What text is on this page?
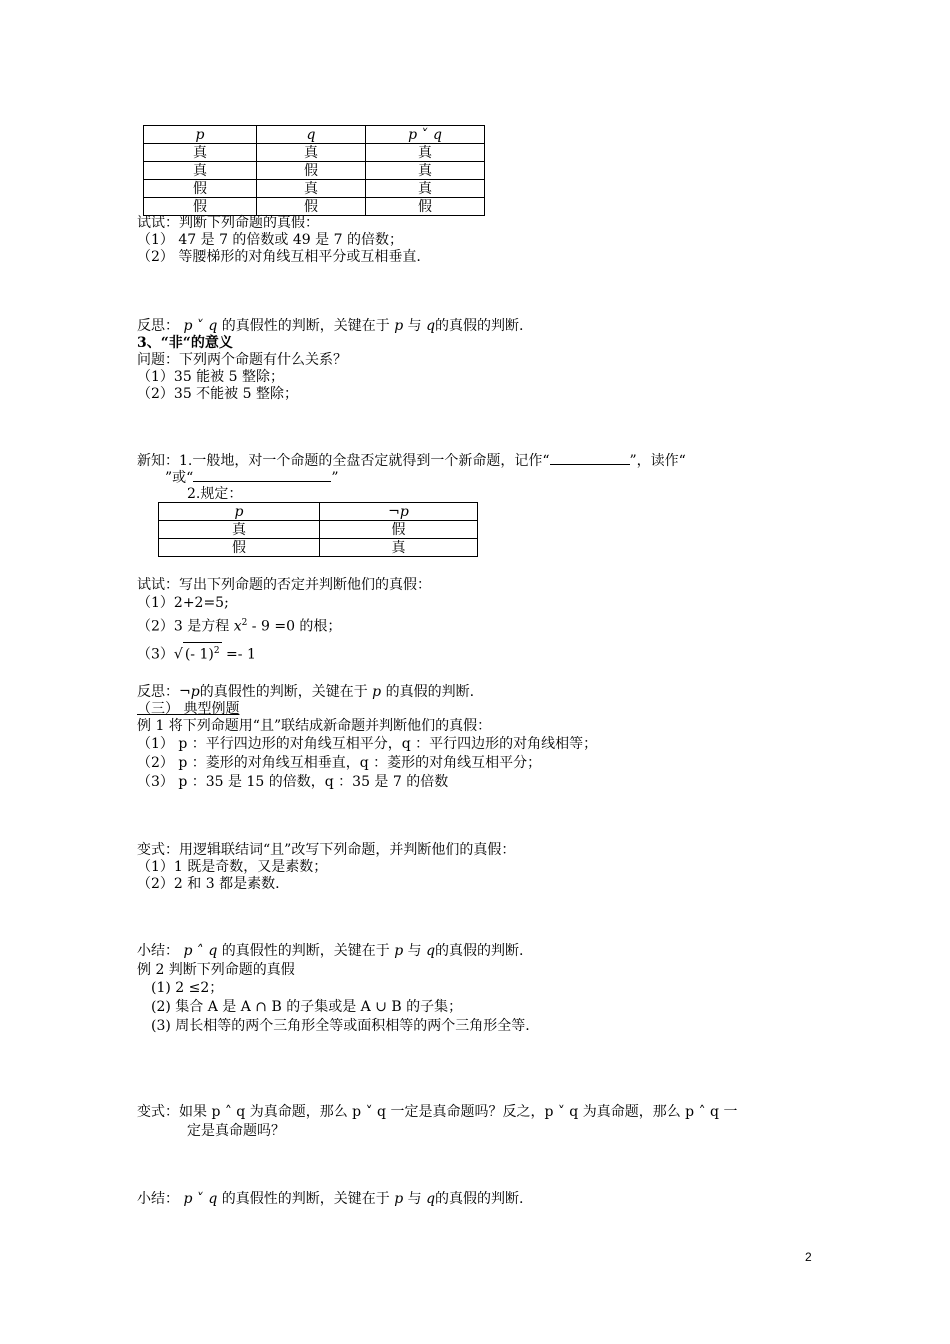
p	q	p ˅ q
真	真	真
真	假	真
假	真	真
假	假	假
试试：判断下列命题的真假：
（1） 47 是 7 的倍数或 49 是 7 的倍数；
（2） 等腰梯形的对角线互相平分或互相垂直.
反思： p ˅ q 的真假性的判断，关键在于 p 与 q的真假的判断.
3、“非“的意义
问题：下列两个命题有什么关系？
（1）35 能被 5 整除；
（2）35 不能被 5 整除；
新知：1.一般地，对一个命题的全盘否定就得到一个新命题，记作“	”，读作“
”或“	”
2.规定：
p	¬p
真	假
假	真
试试：写出下列命题的否定并判断他们的真假：
（1）2+2=5;
（2）3 是方程 $x^2 - 9 =0$ 的根；
（3）√ (- 1)$^2$ =- 1
反思：¬p的真假性的判断，关键在于 p 的真假的判断.
（三） 典型例题
例 1 将下列命题用“且”联结成新命题并判断他们的真假：
（1） p ：平行四边形的对角线互相平分，q ：平行四边形的对角线相等；
（2） p ：菱形的对角线互相垂直，q ：菱形的对角线互相平分；
（3） p ：35 是 15 的倍数，q ：35 是 7 的倍数
变式：用逻辑联结词“且”改写下列命题，并判断他们的真假：
（1）1 既是奇数，又是素数；
（2）2 和 3 都是素数.
小结： p ˄ q 的真假性的判断，关键在于 p 与 q的真假的判断.
例 2 判断下列命题的真假
(1) 2 ≤2；
(2) 集合 A 是 A ∩ B 的子集或是 A ∪ B 的子集；
(3) 周长相等的两个三角形全等或面积相等的两个三角形全等.
变式：如果 p ˄ q 为真命题，那么 p ˅ q 一定是真命题吗？反之，p ˅ q 为真命题，那么 p ˄ q 一
定是真命题吗？
小结： p ˅ q 的真假性的判断，关键在于 p 与 q的真假的判断.
2
